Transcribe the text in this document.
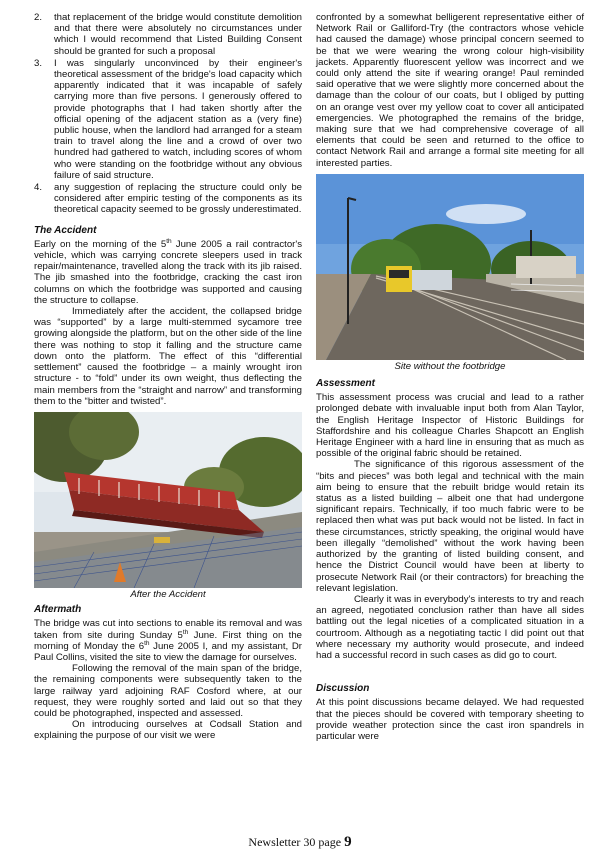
2. that replacement of the bridge would constitute demolition and that there were absolutely no circumstances under which I would recommend that Listed Building Consent should be granted for such a proposal
3. I was singularly unconvinced by their engineer's theoretical assessment of the bridge's load capacity which apparently indicated that it was incapable of safely carrying more than five persons. I generously offered to provide photographs that I had taken shortly after the official opening of the adjacent station as a (very fine) public house, when the landlord had arranged for a steam train to travel along the line and a crowd of over two hundred had gathered to watch, including scores of whom who were standing on the footbridge without any obvious failure of said structure.
4. any suggestion of replacing the structure could only be considered after empiric testing of the components as its theoretical capacity seemed to be grossly underestimated.
The Accident

Early on the morning of the 5th June 2005 a rail contractor's vehicle, which was carrying concrete sleepers used in track repair/maintenance, travelled along the track with its jib raised. The jib smashed into the footbridge, cracking the cast iron columns on which the footbridge was supported and causing the structure to collapse.

Immediately after the accident, the collapsed bridge was “supported” by a large multi-stemmed sycamore tree growing alongside the platform, but on the other side of the line there was nothing to stop it falling and the structure came down onto the platform. The effect of this “differential settlement” caused the footbridge – a mainly wrought iron structure - to “fold” under its own weight, thus deflecting the main members from the “straight and narrow” and transforming them to the “bitter and twisted”.

After the Accident

Aftermath

The bridge was cut into sections to enable its removal and was taken from site during Sunday 5th June. First thing on the morning of Monday the 6th June 2005 I, and my assistant, Dr Paul Collins, visited the site to view the damage for ourselves.

Following the removal of the main span of the bridge, the remaining components were subsequently taken to the large railway yard adjoining RAF Cosford where, at our request, they were roughly sorted and laid out so that they could be photographed, inspected and assessed.

On introducing ourselves at Codsall Station and explaining the purpose of our visit we were

confronted by a somewhat belligerent representative either of Network Rail or Galliford-Try (the contractors whose vehicle had caused the damage) whose principal concern seemed to be that we were wearing the wrong colour high-visibility jackets. Apparently fluorescent yellow was incorrect and we could only attend the site if wearing orange! Paul reminded said operative that we were slightly more concerned about the damage than the colour of our coats, but I obliged by putting on an orange vest over my yellow coat to cover all anticipated emergencies. We photographed the remains of the bridge, making sure that we had comprehensive coverage of all elements that could be seen and returned to the office to contact Network Rail and arrange a formal site meeting for all interested parties.

Site without the footbridge

Assessment

This assessment process was crucial and lead to a rather prolonged debate with invaluable input both from Alan Taylor, the English Heritage Inspector of Historic Buildings for Staffordshire and his colleague Charles Shapcott an English Heritage Engineer with a hard line in ensuring that as much as possible of the original fabric should be retained.

The significance of this rigorous assessment of the “bits and pieces” was both legal and technical with the main aim being to ensure that the rebuilt bridge would retain its status as a listed building – albeit one that had undergone significant repairs. Technically, if too much fabric were to be replaced then what was put back would not be listed. In fact in these circumstances, strictly speaking, the original would have been illegally “demolished” without the work having been authorized by the granting of listed building consent, and hence the District Council would have been at liberty to prosecute Network Rail (or their contractors) for breaching the relevant legislation.

Clearly it was in everybody's interests to try and reach an agreed, negotiated conclusion rather than have all sides battling out the legal niceties of a complicated situation in a courtroom. Although as a negotiating tactic I did point out that where necessary my authority would prosecute, and indeed had a successful record in such cases as did go to court.

Discussion

At this point discussions became delayed. We had requested that the pieces should be covered with temporary sheeting to provide weather protection since the cast iron spandrels in particular were

Newsletter 30 page 9
